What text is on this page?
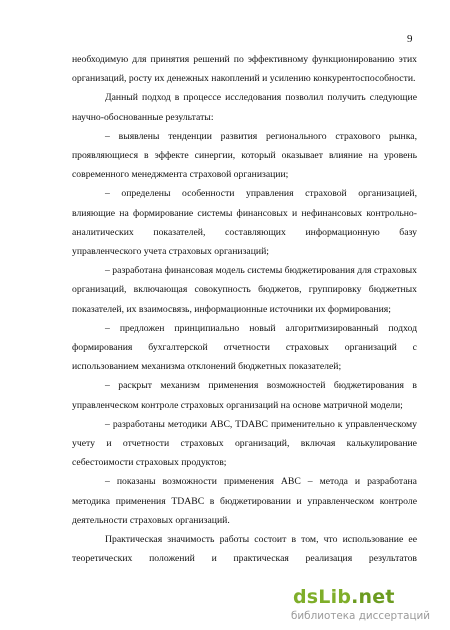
9

необходимую для принятия решений по эффективному функционированию этих организаций, росту их денежных накоплений и усилению конкурентоспособности.

Данный подход в процессе исследования позволил получить следующие научно-обоснованные результаты:

– выявлены тенденции развития регионального страхового рынка, проявляющиеся в эффекте синергии, который оказывает влияние на уровень современного менеджмента страховой организации;

– определены особенности управления страховой организацией, влияющие на формирование системы финансовых и нефинансовых контрольно-аналитических показателей, составляющих информационную базу управленческого учета страховых организаций;

– разработана финансовая модель системы бюджетирования для страховых организаций, включающая совокупность бюджетов, группировку бюджетных показателей, их взаимосвязь, информационные источники их формирования;

– предложен принципиально новый алгоритмизированный подход формирования бухгалтерской отчетности страховых организаций с использованием механизма отклонений бюджетных показателей;

– раскрыт механизм применения возможностей бюджетирования в управленческом контроле страховых организаций на основе матричной модели;

– разработаны методики ABC, TDABC применительно к управленческому учету и отчетности страховых организаций, включая калькулирование себестоимости страховых продуктов;

– показаны возможности применения ABC – метода и разработана методика применения TDABC в бюджетировании и управленческом контроле деятельности страховых организаций.

Практическая значимость работы состоит в том, что использование ее теоретических положений и практическая реализация результатов

dsLib.net
библиотека диссертаций
